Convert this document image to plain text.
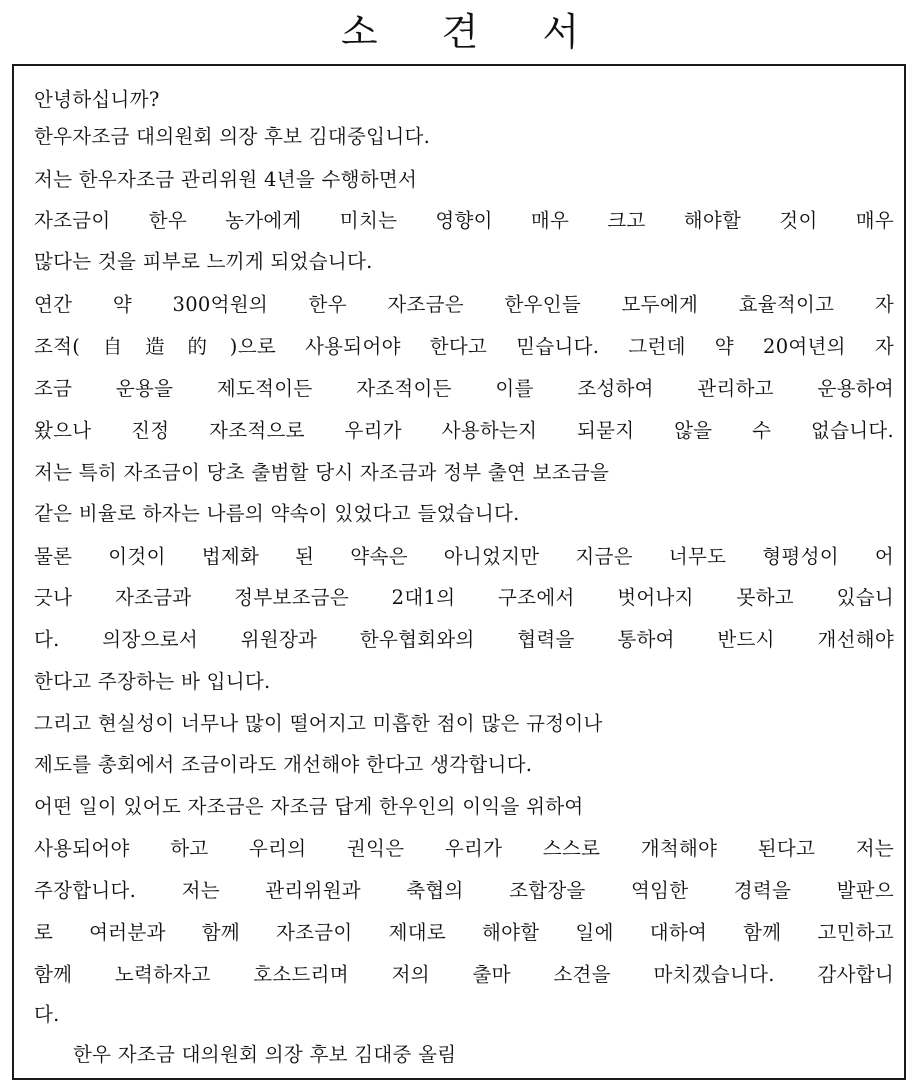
소 견 서
안녕하십니까?
한우자조금 대의원회 의장 후보 김대중입니다.
저는 한우자조금 관리위원 4년을 수행하면서
자조금이 한우 농가에게 미치는 영향이 매우 크고 해야할 것이 매우
많다는 것을 피부로 느끼게 되었습니다.
연간 약 300억원의 한우 자조금은 한우인들 모두에게 효율적이고 자
조적(自造的)으로 사용되어야 한다고 믿습니다. 그런데 약 20여년의 자
조금 운용을 제도적이든 자조적이든 이를 조성하여 관리하고 운용하여
왔으나 진정 자조적으로 우리가 사용하는지 되묻지 않을 수 없습니다.
저는 특히 자조금이 당초 출범할 당시 자조금과 정부 출연 보조금을
같은 비율로 하자는 나름의 약속이 있었다고 들었습니다.
물론 이것이 법제화 된 약속은 아니었지만 지금은 너무도 형평성이 어
긋나 자조금과 정부보조금은 2대1의 구조에서 벗어나지 못하고 있습니
다. 의장으로서 위원장과 한우협회와의 협력을 통하여 반드시 개선해야
한다고 주장하는 바 입니다.
그리고 현실성이 너무나 많이 떨어지고 미흡한 점이 많은 규정이나
제도를 총회에서 조금이라도 개선해야 한다고 생각합니다.
어떤 일이 있어도 자조금은 자조금 답게 한우인의 이익을 위하여
사용되어야 하고 우리의 권익은 우리가 스스로 개척해야 된다고 저는
주장합니다. 저는 관리위원과 축협의 조합장을 역임한 경력을 발판으
로 여러분과 함께 자조금이 제대로 해야할 일에 대하여 함께 고민하고
함께 노력하자고 호소드리며 저의 출마 소견을 마치겠습니다. 감사합니
다.
한우 자조금 대의원회 의장 후보 김대중 올림
